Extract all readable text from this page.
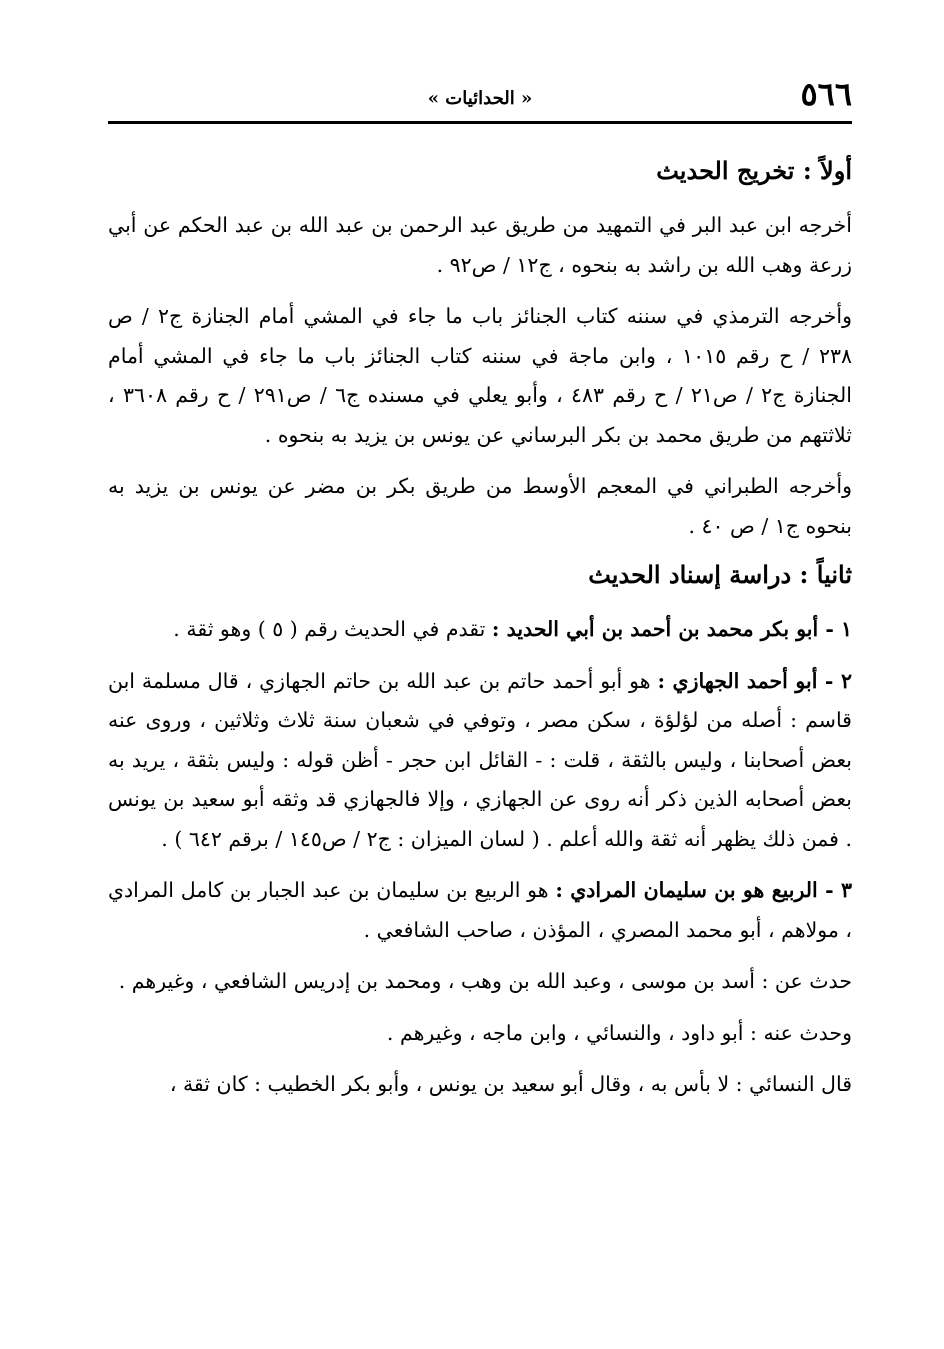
٥٦٦
« الحدائيات »
أولاً : تخريج الحديث

أخرجه ابن عبد البر في التمهيد من طريق عبد الرحمن بن عبد الله بن عبد الحكم عن أبي زرعة وهب الله بن راشد به بنحوه ، ج١٢ / ص٩٢ .

وأخرجه الترمذي في سننه كتاب الجنائز باب ما جاء في المشي أمام الجنازة ج٢ / ص ٢٣٨ / ح رقم ١٠١٥ ، وابن ماجة في سننه كتاب الجنائز باب ما جاء في المشي أمام الجنازة ج٢ / ص٢١ / ح رقم ٤٨٣ ، وأبو يعلي في مسنده ج٦ / ص٢٩١ / ح رقم ٣٦٠٨ ، ثلاثتهم من طريق محمد بن بكر البرساني عن يونس بن يزيد به بنحوه .

وأخرجه الطبراني في المعجم الأوسط من طريق بكر بن مضر عن يونس بن يزيد به بنحوه ج١ / ص ٤٠ .

ثانياً : دراسة إسناد الحديث

١ - أبو بكر محمد بن أحمد بن أبي الحديد : تقدم في الحديث رقم ( ٥ ) وهو ثقة .

٢ - أبو أحمد الجهازي : هو أبو أحمد حاتم بن عبد الله بن حاتم الجهازي ، قال مسلمة ابن قاسم : أصله من لؤلؤة ، سكن مصر ، وتوفي في شعبان سنة ثلاث وثلاثين ، وروى عنه بعض أصحابنا ، وليس بالثقة ، قلت : - القائل ابن حجر - أظن قوله : وليس بثقة ، يريد به بعض أصحابه الذين ذكر أنه روى عن الجهازي ، وإلا فالجهازي قد وثقه أبو سعيد بن يونس . فمن ذلك يظهر أنه ثقة والله أعلم . ( لسان الميزان : ج٢ / ص١٤٥ / برقم ٦٤٢ ) .

٣ - الربيع هو بن سليمان المرادي : هو الربيع بن سليمان بن عبد الجبار بن كامل المرادي ، مولاهم ، أبو محمد المصري ، المؤذن ، صاحب الشافعي .

حدث عن : أسد بن موسى ، وعبد الله بن وهب ، ومحمد بن إدريس الشافعي ، وغيرهم .

وحدث عنه : أبو داود ، والنسائي ، وابن ماجه ، وغيرهم .

قال النسائي : لا بأس به ، وقال أبو سعيد بن يونس ، وأبو بكر الخطيب : كان ثقة ،
